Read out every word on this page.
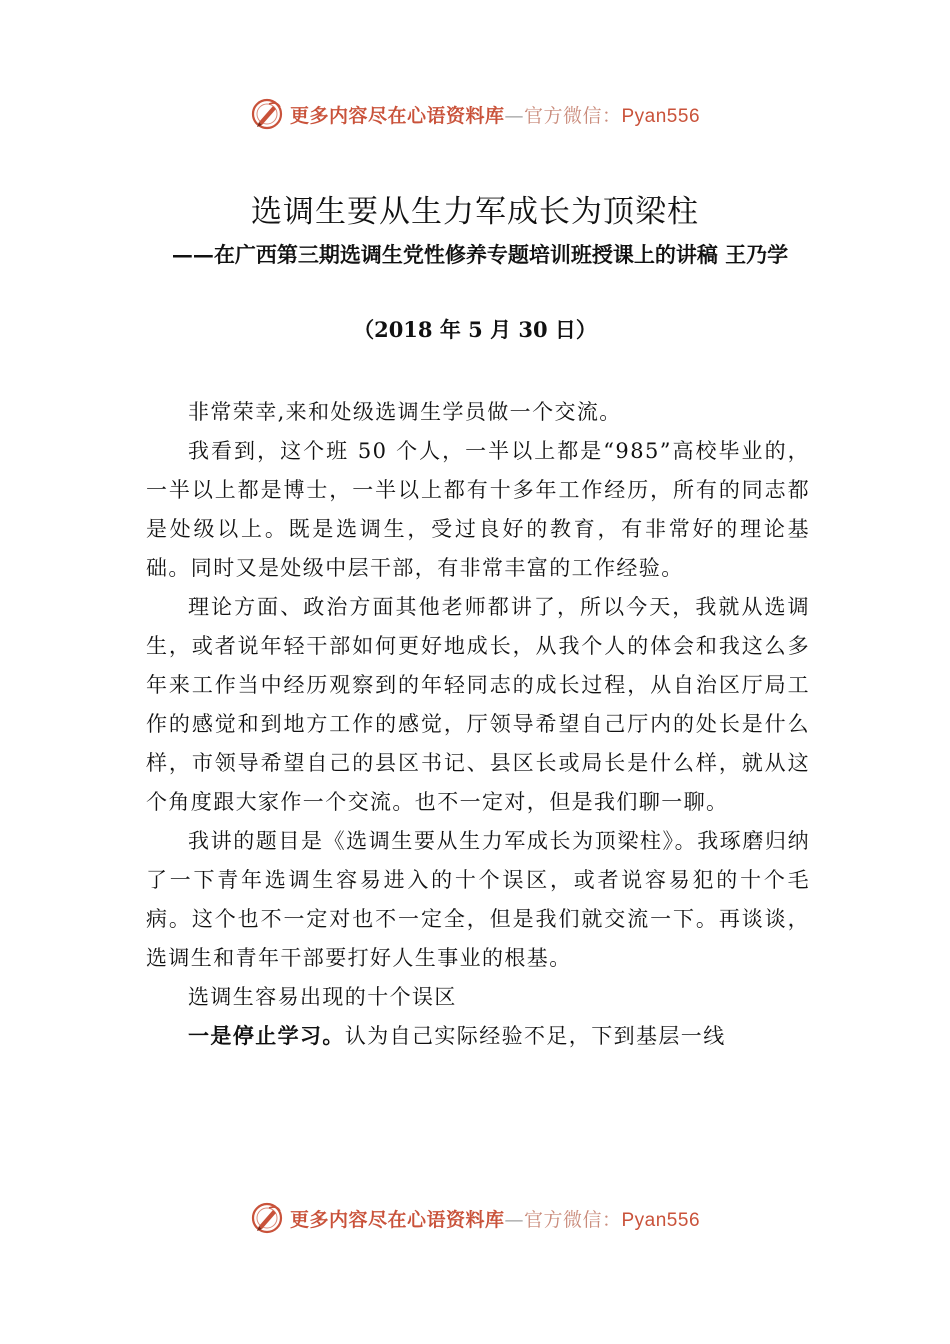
更多内容尽在心语资料库—官方微信：Pyan556
选调生要从生力军成长为顶梁柱

——在广西第三期选调生党性修养专题培训班授课上的讲稿 王乃学

（2018 年 5 月 30 日）

非常荣幸,来和处级选调生学员做一个交流。

我看到，这个班 50 个人，一半以上都是“985”高校毕业的，一半以上都是博士，一半以上都有十多年工作经历，所有的同志都是处级以上。既是选调生，受过良好的教育，有非常好的理论基础。同时又是处级中层干部，有非常丰富的工作经验。

理论方面、政治方面其他老师都讲了，所以今天，我就从选调生，或者说年轻干部如何更好地成长，从我个人的体会和我这么多年来工作当中经历观察到的年轻同志的成长过程，从自治区厅局工作的感觉和到地方工作的感觉，厅领导希望自己厅内的处长是什么样，市领导希望自己的县区书记、县区长或局长是什么样，就从这个角度跟大家作一个交流。也不一定对，但是我们聊一聊。

我讲的题目是《选调生要从生力军成长为顶梁柱》。我琢磨归纳了一下青年选调生容易进入的十个误区，或者说容易犯的十个毛病。这个也不一定对也不一定全，但是我们就交流一下。再谈谈，选调生和青年干部要打好人生事业的根基。

选调生容易出现的十个误区

一是停止学习。认为自己实际经验不足，下到基层一线

更多内容尽在心语资料库—官方微信：Pyan556
